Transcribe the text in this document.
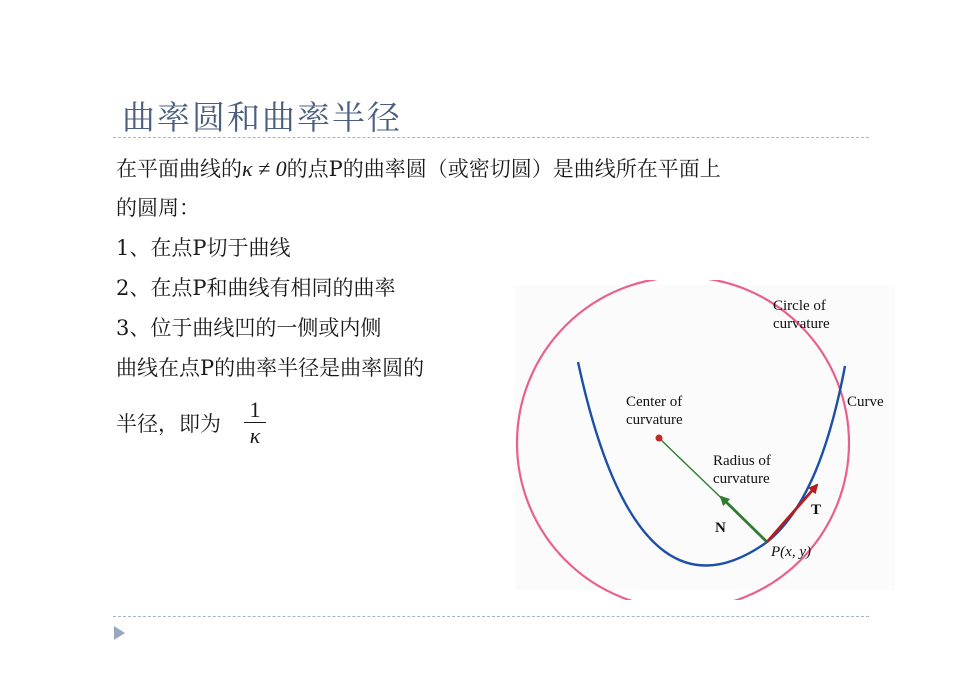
曲率圆和曲率半径
在平面曲线的κ ≠ 0的点P的曲率圆（或密切圆）是曲线所在平面上
的圆周：
1、在点P切于曲线
2、在点P和曲线有相同的曲率
3、位于曲线凹的一侧或内侧
曲线在点P的曲率半径是曲率圆的
半径，即为 $\frac{1}{\kappa}$
Circle of
curvature
Center of
curvature
Radius of
curvature
Curve
N
T
P(x, y)
